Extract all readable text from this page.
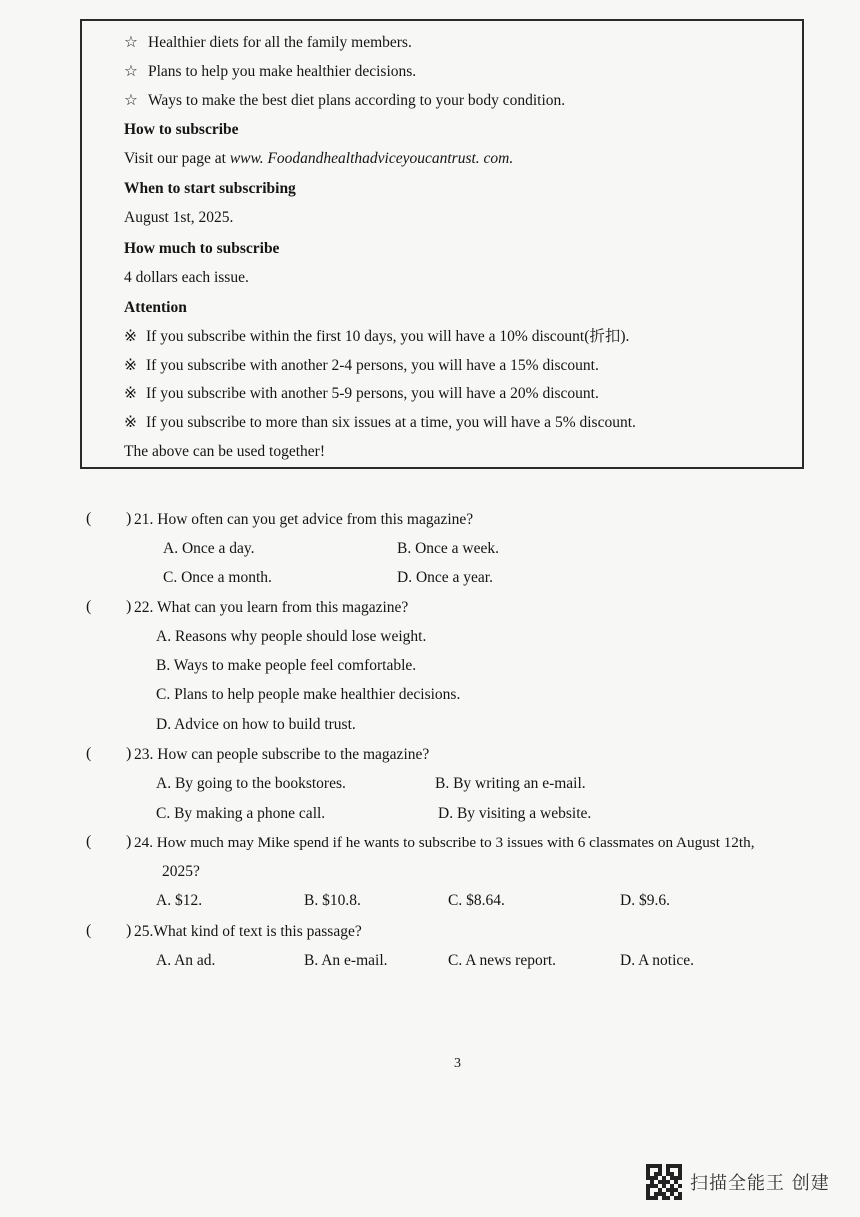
☆ Healthier diets for all the family members.
☆ Plans to help you make healthier decisions.
☆ Ways to make the best diet plans according to your body condition.
How to subscribe
Visit our page at www. Foodandhealthadviceyoucantrust. com.
When to start subscribing
August 1st, 2025.
How much to subscribe
4 dollars each issue.
Attention
※ If you subscribe within the first 10 days, you will have a 10% discount(折扣).
※ If you subscribe with another 2-4 persons, you will have a 15% discount.
※ If you subscribe with another 5-9 persons, you will have a 20% discount.
※ If you subscribe to more than six issues at a time, you will have a 5% discount.
The above can be used together!
( ) 21. How often can you get advice from this magazine?
A. Once a day.	B. Once a week.
C. Once a month.	D. Once a year.
( ) 22. What can you learn from this magazine?
A. Reasons why people should lose weight.
B. Ways to make people feel comfortable.
C. Plans to help people make healthier decisions.
D. Advice on how to build trust.
( ) 23. How can people subscribe to the magazine?
A. By going to the bookstores.	B. By writing an e-mail.
C. By making a phone call.	D. By visiting a website.
( ) 24. How much may Mike spend if he wants to subscribe to 3 issues with 6 classmates on August 12th,
2025?
A. $12.	B. $10.8.	C. $8.64.	D. $9.6.
( ) 25.What kind of text is this passage?
A. An ad.	B. An e-mail.	C. A news report.	D. A notice.
3
扫描全能王 创建
